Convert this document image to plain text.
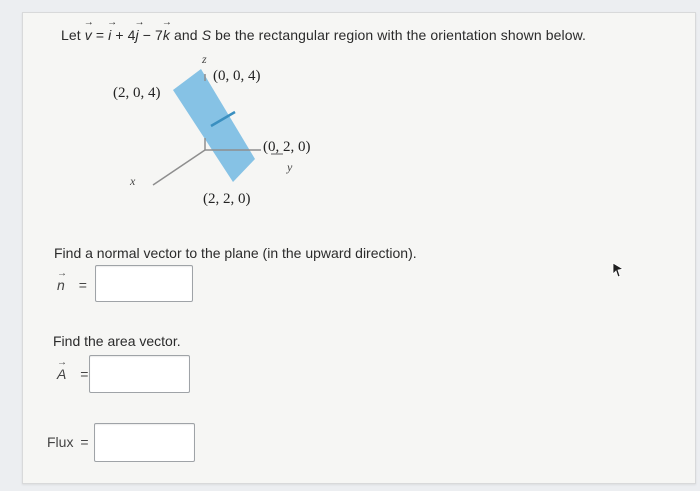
Let → v = → i + 4→ j − 7→ k and S be the rectangular region with the orientation shown below.
z
y
x
(2, 0, 4)
(0, 0, 4)
(0, 2, 0)
(2, 2, 0)
Find a normal vector to the plane (in the upward direction).
→
n =
Find the area vector.
→
A =
Flux =
